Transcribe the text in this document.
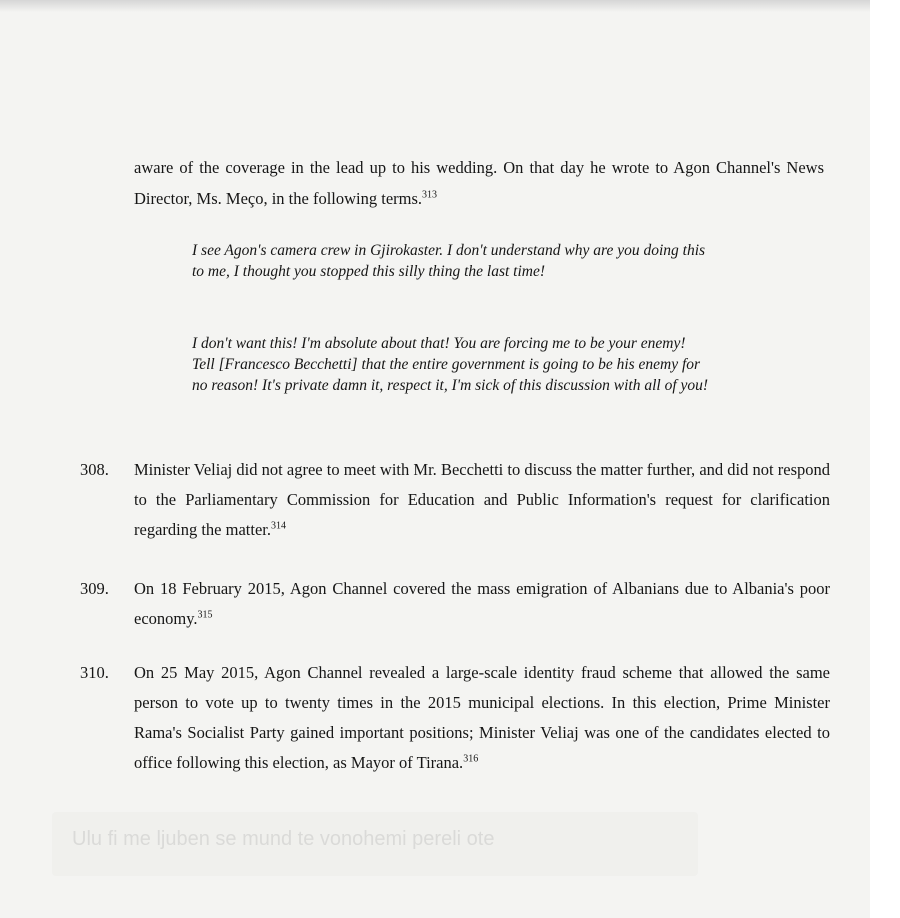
aware of the coverage in the lead up to his wedding. On that day he wrote to Agon Channel's News Director, Ms. Meço, in the following terms.$^{313}$

I see Agon's camera crew in Gjirokaster. I don't understand why are you doing this to me, I thought you stopped this silly thing the last time!

I don't want this! I'm absolute about that! You are forcing me to be your enemy! Tell [Francesco Becchetti] that the entire government is going to be his enemy for no reason! It's private damn it, respect it, I'm sick of this discussion with all of you!

308.	Minister Veliaj did not agree to meet with Mr. Becchetti to discuss the matter further, and did not respond to the Parliamentary Commission for Education and Public Information's request for clarification regarding the matter.$^{314}$
309.	On 18 February 2015, Agon Channel covered the mass emigration of Albanians due to Albania's poor economy.$^{315}$
310.	On 25 May 2015, Agon Channel revealed a large-scale identity fraud scheme that allowed the same person to vote up to twenty times in the 2015 municipal elections. In this election, Prime Minister Rama's Socialist Party gained important positions; Minister Veliaj was one of the candidates elected to office following this election, as Mayor of Tirana.$^{316}$
Ulu fi me ljuben se mund te vonohemi pereli ote
